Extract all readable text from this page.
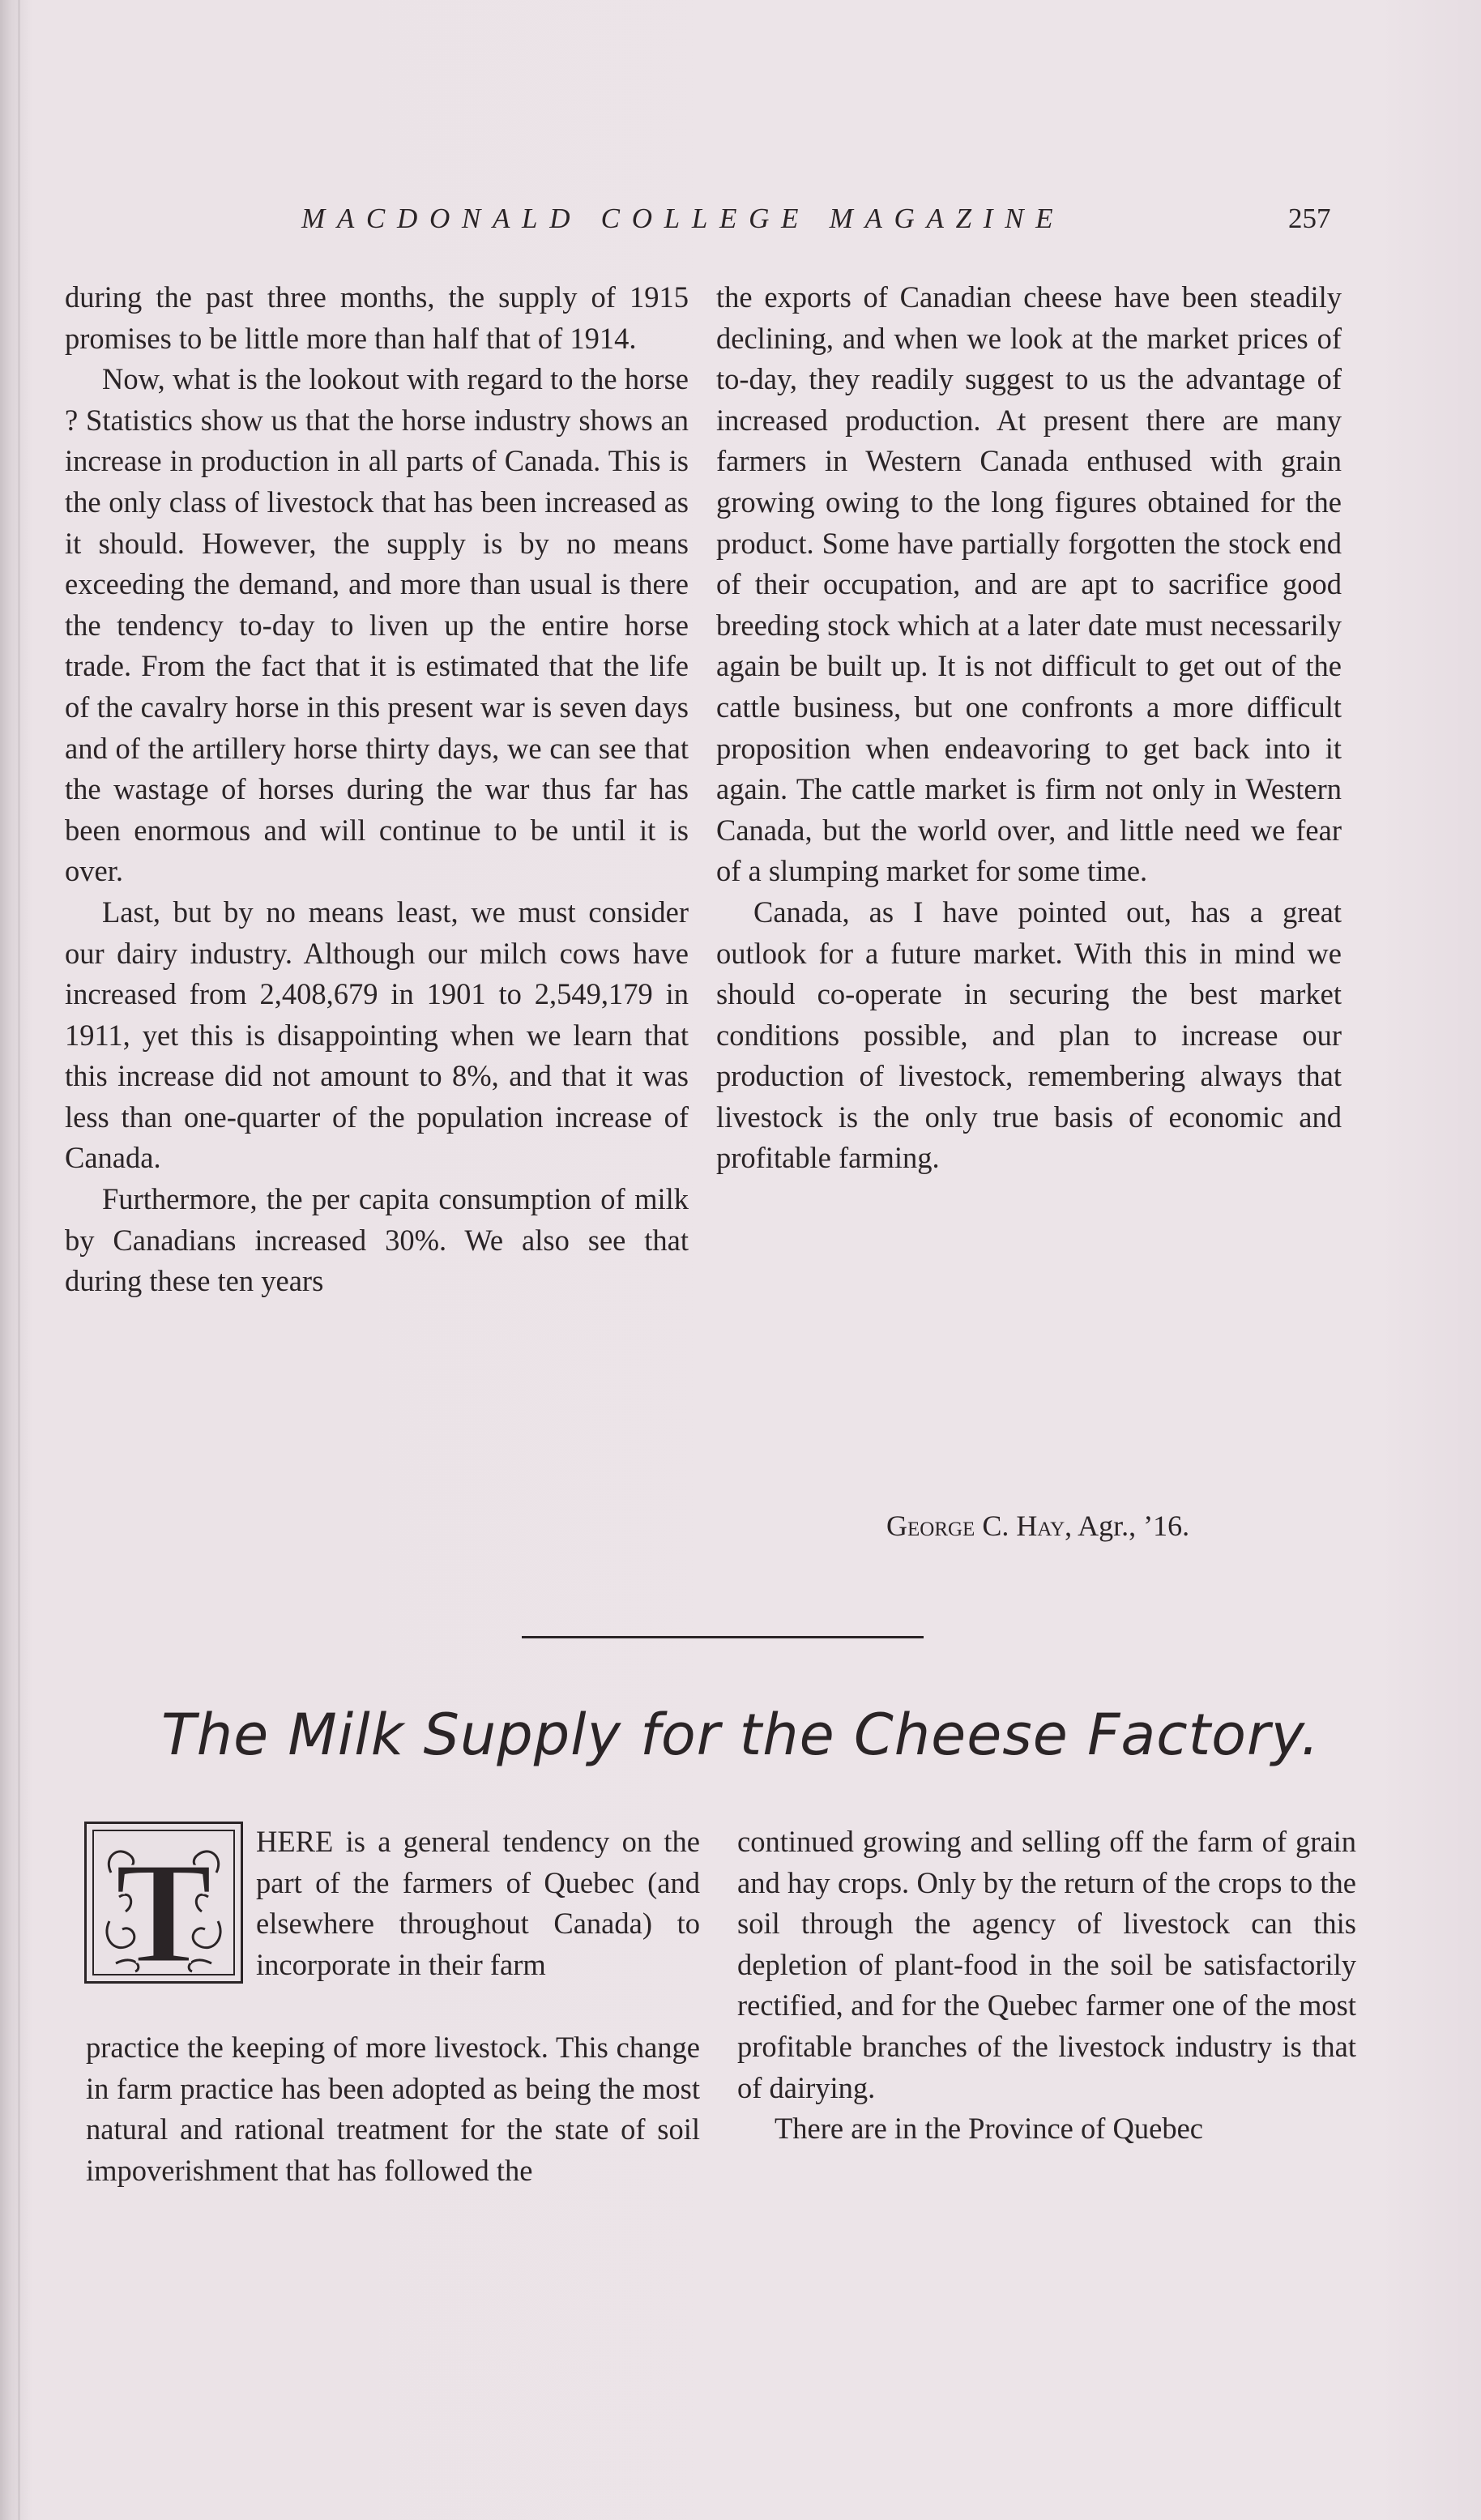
MACDONALD COLLEGE MAGAZINE	257

during the past three months, the supply of 1915 promises to be little more than half that of 1914.

Now, what is the lookout with regard to the horse ? Statistics show us that the horse industry shows an increase in production in all parts of Canada. This is the only class of livestock that has been increased as it should. However, the supply is by no means exceeding the demand, and more than usual is there the tendency to-day to liven up the entire horse trade. From the fact that it is estimated that the life of the cavalry horse in this present war is seven days and of the artillery horse thirty days, we can see that the wastage of horses during the war thus far has been enormous and will continue to be until it is over.

Last, but by no means least, we must consider our dairy industry. Although our milch cows have increased from 2,408,679 in 1901 to 2,549,179 in 1911, yet this is disappointing when we learn that this increase did not amount to 8%, and that it was less than one-quarter of the population increase of Canada.

Furthermore, the per capita consumption of milk by Canadians increased 30%. We also see that during these ten years

the exports of Canadian cheese have been steadily declining, and when we look at the market prices of to-day, they readily suggest to us the advantage of increased production. At present there are many farmers in Western Canada enthused with grain growing owing to the long figures obtained for the product. Some have partially forgotten the stock end of their occupation, and are apt to sacrifice good breeding stock which at a later date must necessarily again be built up. It is not difficult to get out of the cattle business, but one confronts a more difficult proposition when endeavoring to get back into it again. The cattle market is firm not only in Western Canada, but the world over, and little need we fear of a slumping market for some time.

Canada, as I have pointed out, has a great outlook for a future market. With this in mind we should co-operate in securing the best market conditions possible, and plan to increase our production of livestock, remembering always that livestock is the only true basis of economic and profitable farming.

George C. Hay, Agr., ’16.
The Milk Supply for the Cheese Factory.
T HERE is a general tendency on the part of the farmers of Quebec (and elsewhere throughout Canada) to incorporate in their farm

practice the keeping of more livestock. This change in farm practice has been adopted as being the most natural and rational treatment for the state of soil impoverishment that has followed the

continued growing and selling off the farm of grain and hay crops. Only by the return of the crops to the soil through the agency of livestock can this depletion of plant-food in the soil be satisfactorily rectified, and for the Quebec farmer one of the most profitable branches of the livestock industry is that of dairying.

There are in the Province of Quebec
